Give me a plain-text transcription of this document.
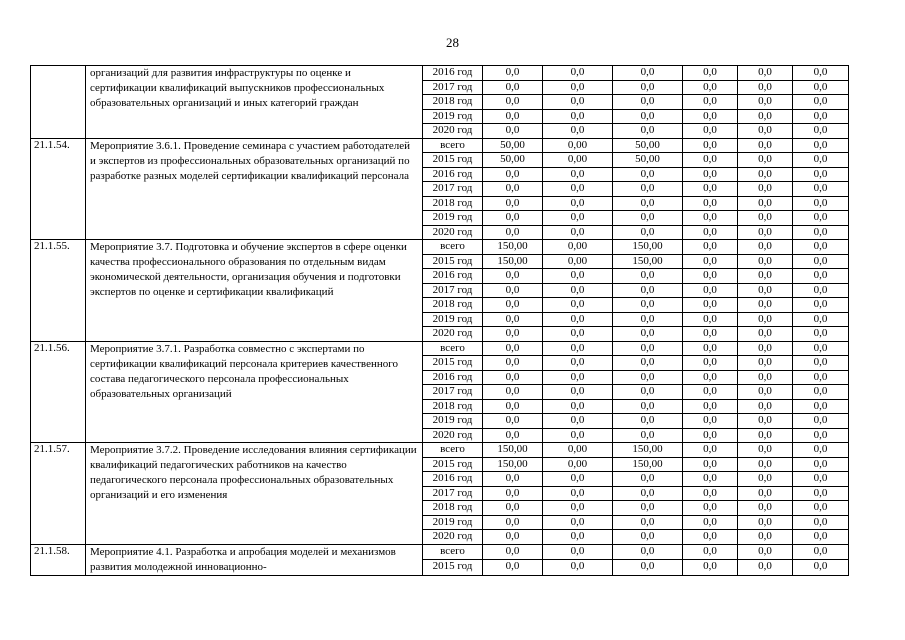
28
	организаций для развития инфраструктуры по оценке и сертификации квалификаций выпускников профессиональных образовательных организаций и иных категорий граждан	2016 год	0,0	0,0	0,0	0,0	0,0	0,0
		2017 год	0,0	0,0	0,0	0,0	0,0	0,0
		2018 год	0,0	0,0	0,0	0,0	0,0	0,0
		2019 год	0,0	0,0	0,0	0,0	0,0	0,0
		2020 год	0,0	0,0	0,0	0,0	0,0	0,0
21.1.54.	Мероприятие 3.6.1. Проведение семинара с участием работодателей и экспертов из профессиональных образовательных организаций по разработке разных моделей сертификации квалификаций персонала	всего	50,00	0,00	50,00	0,0	0,0	0,0
		2015 год	50,00	0,00	50,00	0,0	0,0	0,0
		2016 год	0,0	0,0	0,0	0,0	0,0	0,0
		2017 год	0,0	0,0	0,0	0,0	0,0	0,0
		2018 год	0,0	0,0	0,0	0,0	0,0	0,0
		2019 год	0,0	0,0	0,0	0,0	0,0	0,0
		2020 год	0,0	0,0	0,0	0,0	0,0	0,0
21.1.55.	Мероприятие 3.7. Подготовка и обучение экспертов в сфере оценки качества профессионального образования по отдельным видам экономической деятельности, организация обучения и подготовки экспертов по оценке и сертификации квалификаций	всего	150,00	0,00	150,00	0,0	0,0	0,0
		2015 год	150,00	0,00	150,00	0,0	0,0	0,0
		2016 год	0,0	0,0	0,0	0,0	0,0	0,0
		2017 год	0,0	0,0	0,0	0,0	0,0	0,0
		2018 год	0,0	0,0	0,0	0,0	0,0	0,0
		2019 год	0,0	0,0	0,0	0,0	0,0	0,0
		2020 год	0,0	0,0	0,0	0,0	0,0	0,0
21.1.56.	Мероприятие 3.7.1. Разработка совместно с экспертами по сертификации квалификаций персонала критериев качественного состава педагогического персонала профессиональных образовательных организаций	всего	0,0	0,0	0,0	0,0	0,0	0,0
		2015 год	0,0	0,0	0,0	0,0	0,0	0,0
		2016 год	0,0	0,0	0,0	0,0	0,0	0,0
		2017 год	0,0	0,0	0,0	0,0	0,0	0,0
		2018 год	0,0	0,0	0,0	0,0	0,0	0,0
		2019 год	0,0	0,0	0,0	0,0	0,0	0,0
		2020 год	0,0	0,0	0,0	0,0	0,0	0,0
21.1.57.	Мероприятие 3.7.2. Проведение исследования влияния сертификации квалификаций педагогических работников на качество педагогического персонала профессиональных образовательных организаций и его изменения	всего	150,00	0,00	150,00	0,0	0,0	0,0
		2015 год	150,00	0,00	150,00	0,0	0,0	0,0
		2016 год	0,0	0,0	0,0	0,0	0,0	0,0
		2017 год	0,0	0,0	0,0	0,0	0,0	0,0
		2018 год	0,0	0,0	0,0	0,0	0,0	0,0
		2019 год	0,0	0,0	0,0	0,0	0,0	0,0
		2020 год	0,0	0,0	0,0	0,0	0,0	0,0
21.1.58.	Мероприятие 4.1. Разработка и апробация моделей и механизмов развития молодежной инновационно-	всего	0,0	0,0	0,0	0,0	0,0	0,0
		2015 год	0,0	0,0	0,0	0,0	0,0	0,0
